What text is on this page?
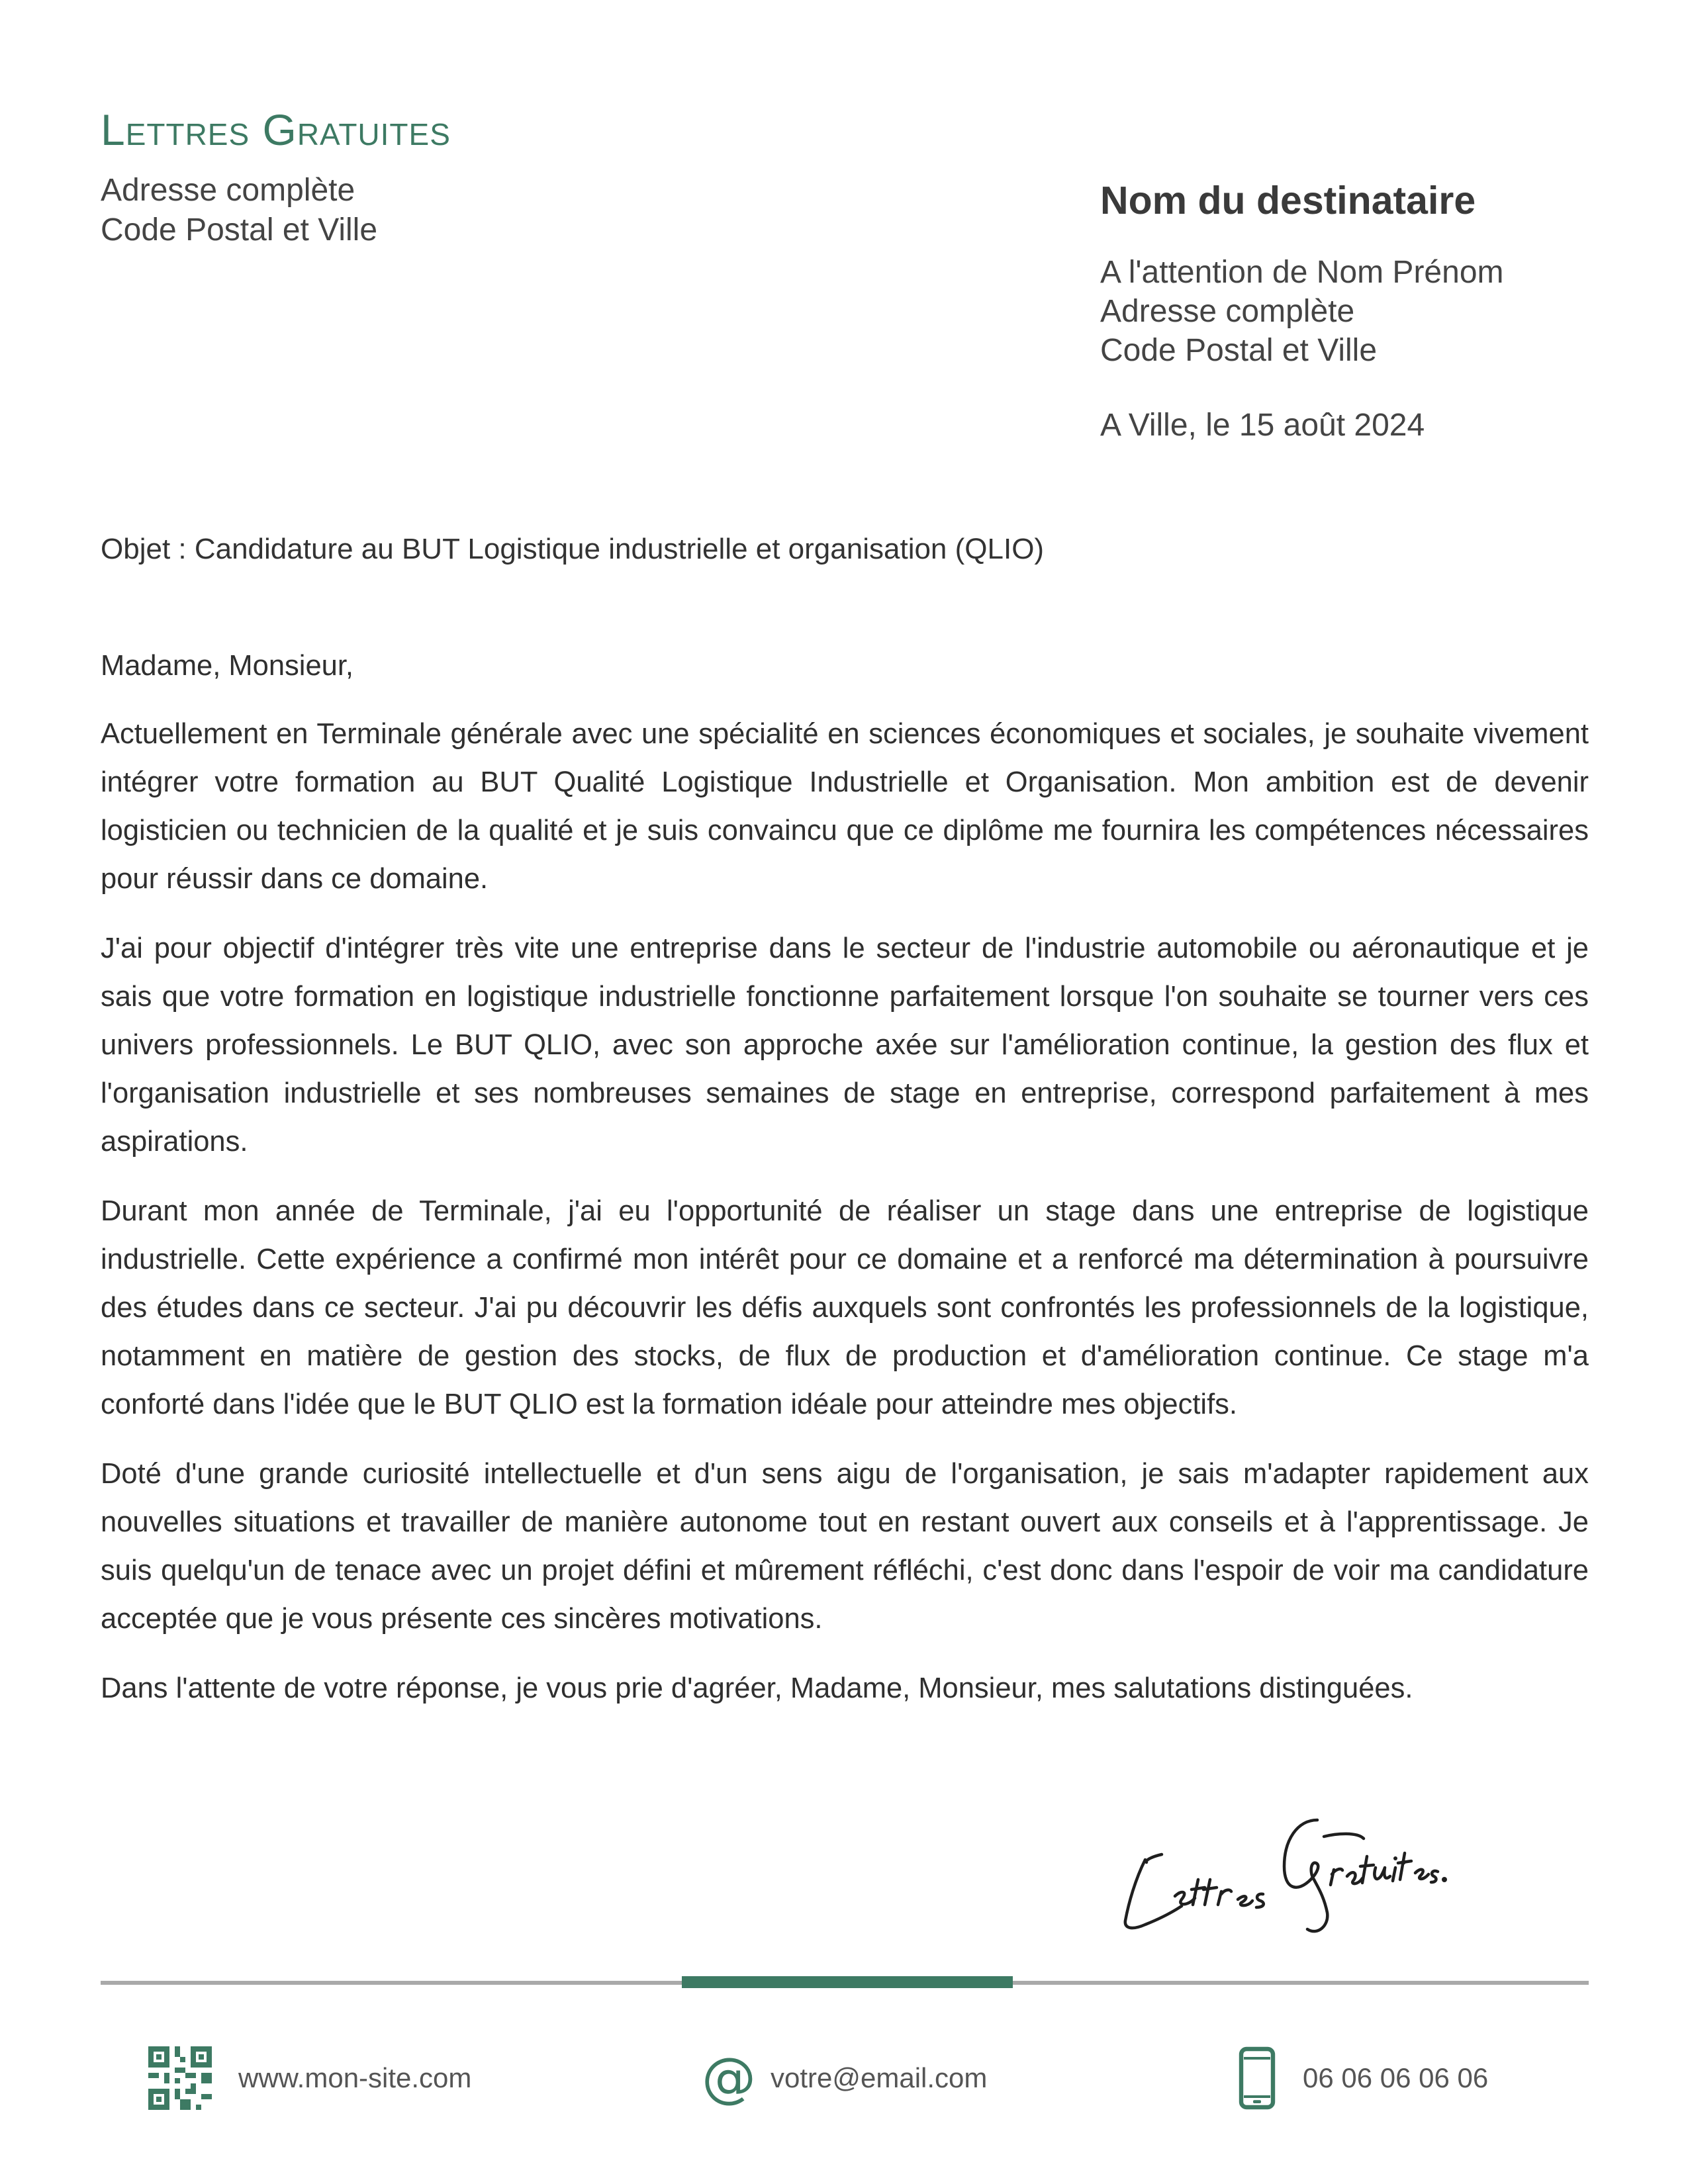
Lettres Gratuites
Adresse complète
Code Postal et Ville
Nom du destinataire
A l'attention de Nom Prénom
Adresse complète
Code Postal et Ville
A Ville, le 15 août 2024
Objet : Candidature au BUT Logistique industrielle et organisation (QLIO)

Madame, Monsieur,

Actuellement en Terminale générale avec une spécialité en sciences économiques et sociales, je souhaite vivement intégrer votre formation au BUT Qualité Logistique Industrielle et Organisation. Mon ambition est de devenir logisticien ou technicien de la qualité et je suis convaincu que ce diplôme me fournira les compétences nécessaires pour réussir dans ce domaine.

J'ai pour objectif d'intégrer très vite une entreprise dans le secteur de l'industrie automobile ou aéronautique et je sais que votre formation en logistique industrielle fonctionne parfaitement lorsque l'on souhaite se tourner vers ces univers professionnels. Le BUT QLIO, avec son approche axée sur l'amélioration continue, la gestion des flux et l'organisation industrielle et ses nombreuses semaines de stage en entreprise, correspond parfaitement à mes aspirations.

Durant mon année de Terminale, j'ai eu l'opportunité de réaliser un stage dans une entreprise de logistique industrielle. Cette expérience a confirmé mon intérêt pour ce domaine et a renforcé ma détermination à poursuivre des études dans ce secteur. J'ai pu découvrir les défis auxquels sont confrontés les professionnels de la logistique, notamment en matière de gestion des stocks, de flux de production et d'amélioration continue. Ce stage m'a conforté dans l'idée que le BUT QLIO est la formation idéale pour atteindre mes objectifs.

Doté d'une grande curiosité intellectuelle et d'un sens aigu de l'organisation, je sais m'adapter rapidement aux nouvelles situations et travailler de manière autonome tout en restant ouvert aux conseils et à l'apprentissage. Je suis quelqu'un de tenace avec un projet défini et mûrement réfléchi, c'est donc dans l'espoir de voir ma candidature acceptée que je vous présente ces sincères motivations.

Dans l'attente de votre réponse, je vous prie d'agréer, Madame, Monsieur, mes salutations distinguées.

www.mon-site.com	@ votre@email.com	06 06 06 06 06
